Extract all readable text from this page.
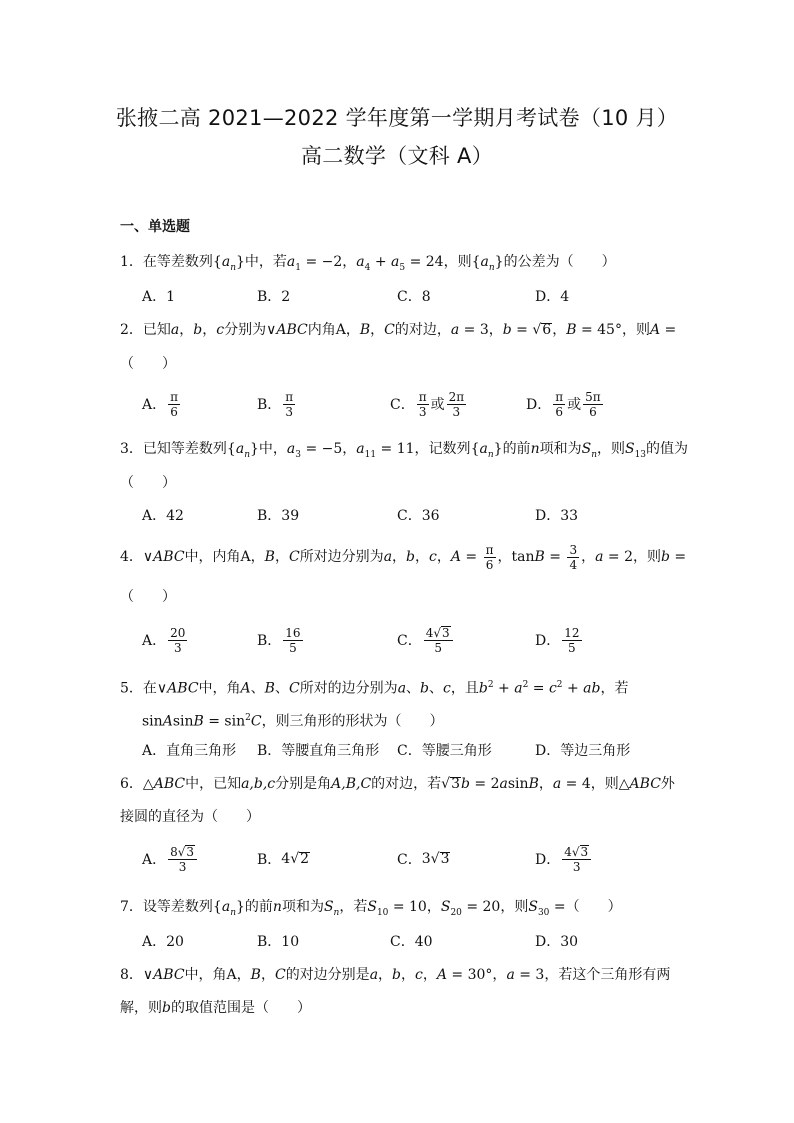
张掖二高 2021—2022 学年度第一学期月考试卷（10 月）
高二数学（文科 A）
一、单选题
1．在等差数列$\{a_n\}$中，若$a_1 = -2$，$a_4 + a_5 = 24$，则$\{a_n\}$的公差为（　　）
A．1	B．2	C．8	D．4
2．已知a，b，c分别为∨ABC内角A，B，C的对边，a = 3，b = √ 6 ，B = 45°，则A =
（　　）
A． $\frac{\pi}{6}$	B． $\frac{\pi}{3}$	C． $\frac{\pi}{3}$ 或 $\frac{2\pi}{3}$	D． $\frac{\pi}{6}$ 或 $\frac{5\pi}{6}$
3．已知等差数列$\{a_n\}$中，$a_3 = -5$，$a_{11} = 11$，记数列$\{a_n\}$的前n项和为$S_n$，则$S_{13}$的值为
（　　）
A．42	B．39	C．36	D．33
4．∨ABC中，内角A，B，C所对边分别为a，b，c，$A = \frac{\pi}{6}$ ，$\tan B = \frac{3}{4}$ ，a = 2，则b =
（　　）
A． $\frac{20}{3}$	B． $\frac{16}{5}$	C． $\frac{4 √ 3}{5}$	D． $\frac{12}{5}$
5．在∨ABC中，角A、B、C所对的边分别为a、b、c，且$b^2 + a^2 = c^2$ + ab，若
sinAsinB = $\sin^2C$，则三角形的形状为（　　）
A．直角三角形 B．等腰直角三角形 C．等腰三角形	D．等边三角形
6．△ABC中，已知a,b,c分别是角A,B,C的对边，若 √ 3 b = 2asinB，a = 4，则△ABC外
接圆的直径为（　　）
A． $\frac{8 √ 3}{3}$	B． 4 √ 2	C． 3 √ 3	D． $\frac{4 √ 3}{3}$
7．设等差数列$\{a_n\}$的前n项和为$S_n$，若$S_{10} = 10$，$S_{20} = 20$，则$S_{30}$ =（　　）
A．20	B．10	C．40	D．30
8．∨ABC中，角A，B，C的对边分别是a，b，c，A = 30°，a = 3，若这个三角形有两
解，则b的取值范围是（　　）
